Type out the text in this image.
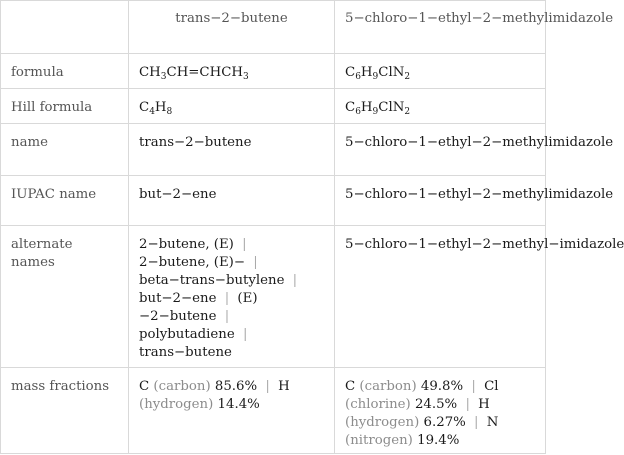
	trans−2−butene	5−chloro−1−ethyl−2−methylimidazole
formula	$CH_3CH=CHCH_3$	$C_6H_9ClN_2$
Hill formula	$C_4H_8$	$C_6H_9ClN_2$
name	trans−2−butene	5−chloro−1−ethyl−2−methylimidazole
IUPAC name	but−2−ene	5−chloro−1−ethyl−2−methylimidazole
alternate names	2−butene, (E) | 2−butene, (E)− | beta−trans−butylene | but−2−ene | (E)−2−butene | polybutadiene | trans−butene	5−chloro−1−ethyl−2−methyl−imidazole
mass fractions	C (carbon) 85.6% | H (hydrogen) 14.4%	C (carbon) 49.8% | Cl (chlorine) 24.5% | H (hydrogen) 6.27% | N (nitrogen) 19.4%
